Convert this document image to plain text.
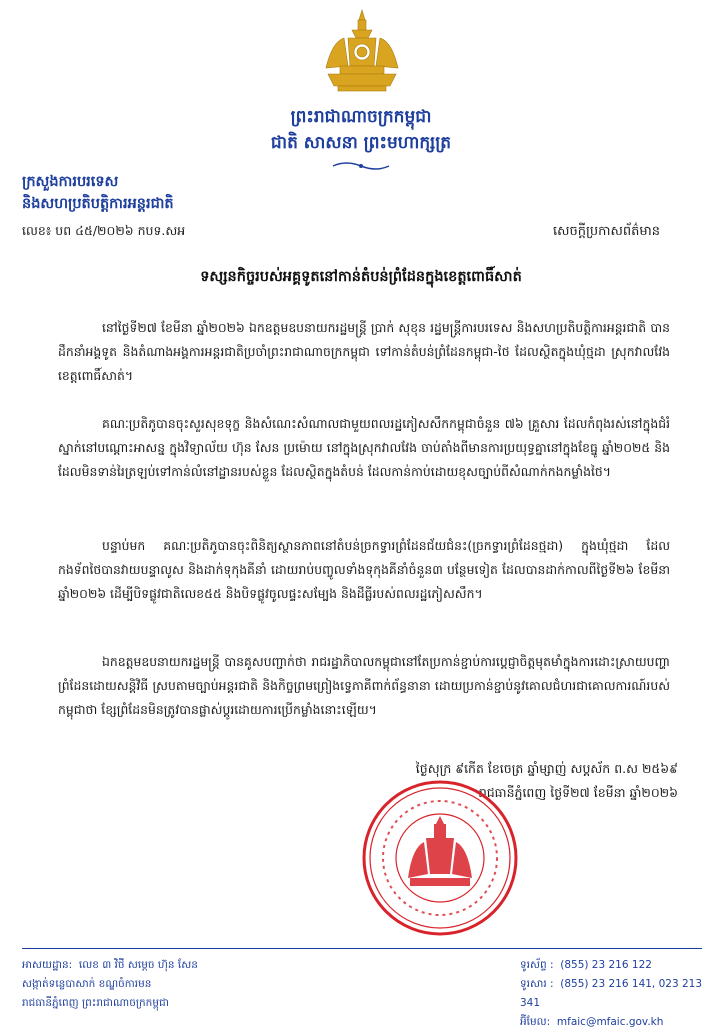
ព្រះរាជាណាចក្រកម្ពុជា
ជាតិ សាសនា ព្រះមហាក្សត្រ
ក្រសួងការបរទេស
និងសហប្រតិបត្តិការអន្តរជាតិ
លេខ៖ បព ៤៥/២០២៦ កបទ.សអ	សេចក្តីប្រកាសព័ត៌មាន
ទស្សនកិច្ចរបស់អគ្គទូតនៅកាន់តំបន់ព្រំដែនក្នុងខេត្តពោធិ៍សាត់
នៅថ្ងៃទី២៧ ខែមីនា ឆ្នាំ២០២៦ ឯកឧត្តមឧបនាយករដ្ឋមន្ត្រី ប្រាក់ សុខុន រដ្ឋមន្ត្រីការបរទេស និងសហប្រតិបត្តិការអន្តរជាតិ បានដឹកនាំអង្គទូត និងតំណាងអង្គការអន្តរជាតិប្រចាំព្រះរាជាណាចក្រកម្ពុជា ទៅកាន់តំបន់ព្រំដែនកម្ពុជា-ថៃ ដែលស្ថិតក្នុងឃុំថ្មដា ស្រុកវាលវែង ខេត្តពោធិ៍សាត់។
គណៈប្រតិភូបានចុះសួរសុខទុក្ខ និងសំណេះសំណាលជាមួយពលរដ្ឋភៀសសឹកកម្ពុជាចំនួន ៧៦ គ្រួសារ ដែលកំពុងរស់នៅក្នុងជំរំស្នាក់នៅបណ្តោះអាសន្ន ក្នុងវិទ្យាល័យ ហ៊ុន សែន ប្រម៉ោយ នៅក្នុងស្រុកវាលវែង ចាប់តាំងពីមានការប្រយុទ្ធគ្នានៅក្នុងខែធ្នូ ឆ្នាំ២០២៥ និងដែលមិនទាន់រៃត្រឡប់ទៅកាន់លំនៅដ្ឋានរបស់ខ្លួន ដែលស្ថិតក្នុងតំបន់ ដែលកាន់កាប់ដោយខុសច្បាប់ពីសំណាក់កងកម្លាំងថៃ។
បន្ទាប់មក គណៈប្រតិភូបានចុះពិនិត្យស្ថានភាពនៅតំបន់ច្រកទ្វារព្រំដែនជ័យជំនះ(ច្រកទ្វារព្រំដែនថ្មដា) ក្នុងឃុំថ្មដា ដែលកងទ័ពថៃបានវាយបន្ទាលូស និងដាក់ទុកុងគីនាំ ដោយរាប់បញ្ចូលទាំងទុកុងគីនាំចំនួន៣ បន្ថែមទៀត ដែលបានដាក់កាលពីថ្ងៃទី២៦ ខែមីនា ឆ្នាំ២០២៦ ដើម្បីបិទផ្លូវជាតិលេខ៥៥ និងបិទផ្លូវចូលផ្ទះសម្បែង និងដីធ្លីរបស់ពលរដ្ឋភៀសសឹក។
ឯកឧត្តមឧបនាយករដ្ឋមន្ត្រី បានគូសបញ្ជាក់ថា រាជរដ្ឋាភិបាលកម្ពុជានៅតែប្រកាន់ខ្ជាប់ការប្តេជ្ញាចិត្តមុតមាំក្នុងការដោះស្រាយបញ្ហាព្រំដែនដោយសន្តិវិធី ស្របតាមច្បាប់អន្តរជាតិ និងកិច្ចព្រមព្រៀងទ្វេភាគីពាក់ព័ន្ធនានា ដោយប្រកាន់ខ្ជាប់នូវគោលជំហរជាគោលការណ៍របស់កម្ពុជាថា ខ្សែព្រំដែនមិនត្រូវបានផ្លាស់ប្តូរដោយការប្រើកម្លាំងនោះឡើយ។
ថ្ងៃសុក្រ ៩កើត ខែចេត្រ ឆ្នាំម្សាញ់ សប្តស័ក ព.ស ២៥៦៩
រាជធានីភ្នំពេញ ថ្ងៃទី២៧ ខែមីនា ឆ្នាំ២០២៦
អាសយដ្ឋាន: លេខ ៣ វិថី សម្តេច ហ៊ុន សែន
សង្កាត់ទន្លេបាសាក់ ខណ្ឌចំការមន
រាជធានីភ្នំពេញ ព្រះរាជាណាចក្រកម្ពុជា
ទូរស័ព្ទ : (855) 23 216 122
ទូរសារ : (855) 23 216 141, 023 213 341
អ៊ីមែល: mfaic@mfaic.gov.kh
